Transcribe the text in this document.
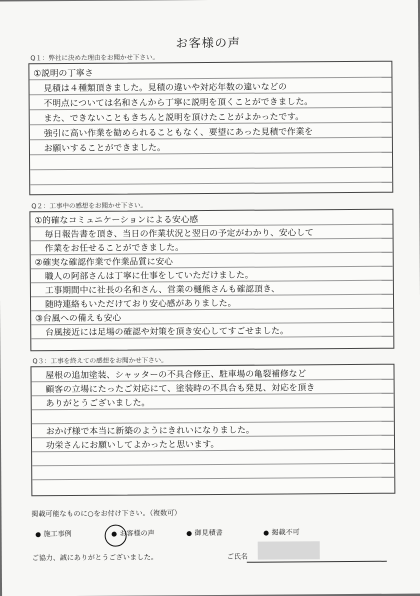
お客様の声
Q１：弊社に決めた理由をお聞かせ下さい。
①説明の丁寧さ
見積は４種類頂きました。見積の違いや対応年数の違いなどの
不明点については名和さんから丁寧に説明を頂くことができました。
また、できないこともきちんと説明を頂けたことがよかったです。
強引に高い作業を勧められることもなく、要望にあった見積で作業を
お願いすることができました。
Q２：工事中の感想をお聞かせ下さい。
①的確なコミュニケーションによる安心感
毎日報告書を頂き、当日の作業状況と翌日の予定がわかり、安心して
作業をお任せることができました。
②確実な確認作業で作業品質に安心
職人の阿部さんは丁寧に仕事をしていただけました。
工事期間中に社長の名和さん、営業の樋熊さんも確認頂き、
随時連絡もいただけており安心感がありました。
③台風への備えも安心
台風接近には足場の確認や対策を頂き安心してすごせました。
Q３：工事を終えての感想をお聞かせ下さい。
屋根の追加塗装、シャッターの不具合修正、駐車場の亀裂補修など
顧客の立場にたったご対応にて、塗装時の不具合も発見、対応を頂き
ありがとうございました。
おかげ様で本当に新築のようにきれいになりました。
功栄さんにお願いしてよかったと思います。
掲載可能なものに○をお付け下さい。（複数可）
施工事例	お客様の声	御見積書	掲載不可
ご協力、誠にありがとうございました。	ご氏名
